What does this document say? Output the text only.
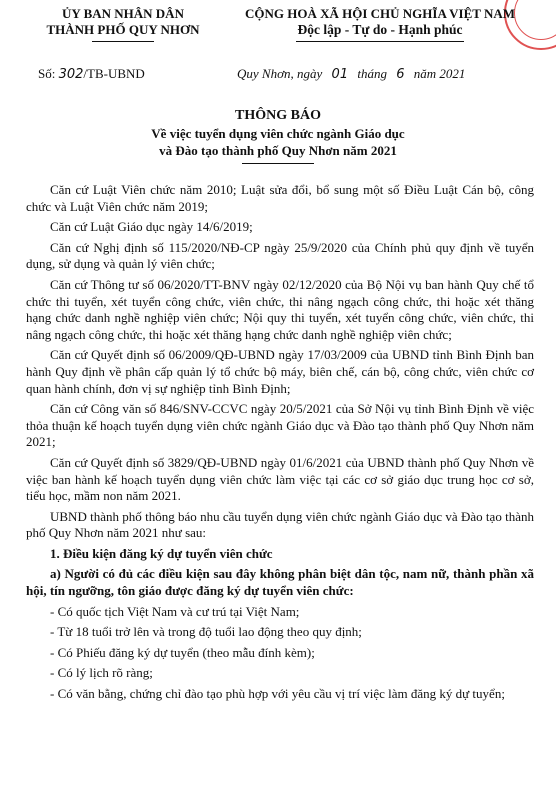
ỦY BAN NHÂN DÂN
THÀNH PHỐ QUY NHƠN
CỘNG HOÀ XÃ HỘI CHỦ NGHĨA VIỆT NAM
Độc lập - Tự do - Hạnh phúc
Số: 302/TB-UBND	Quy Nhơn, ngày 01 tháng 6 năm 2021
THÔNG BÁO
Về việc tuyển dụng viên chức ngành Giáo dục
và Đào tạo thành phố Quy Nhơn năm 2021

Căn cứ Luật Viên chức năm 2010; Luật sửa đổi, bổ sung một số Điều Luật Cán bộ, công chức và Luật Viên chức năm 2019;

Căn cứ Luật Giáo dục ngày 14/6/2019;

Căn cứ Nghị định số 115/2020/NĐ-CP ngày 25/9/2020 của Chính phủ quy định về tuyển dụng, sử dụng và quản lý viên chức;

Căn cứ Thông tư số 06/2020/TT-BNV ngày 02/12/2020 của Bộ Nội vụ ban hành Quy chế tổ chức thi tuyển, xét tuyển công chức, viên chức, thi nâng ngạch công chức, thi hoặc xét thăng hạng chức danh nghề nghiệp viên chức; Nội quy thi tuyển, xét tuyển công chức, viên chức, thi nâng ngạch công chức, thi hoặc xét thăng hạng chức danh nghề nghiệp viên chức;

Căn cứ Quyết định số 06/2009/QĐ-UBND ngày 17/03/2009 của UBND tỉnh Bình Định ban hành Quy định về phân cấp quản lý tổ chức bộ máy, biên chế, cán bộ, công chức, viên chức cơ quan hành chính, đơn vị sự nghiệp tỉnh Bình Định;

Căn cứ Công văn số 846/SNV-CCVC ngày 20/5/2021 của Sở Nội vụ tỉnh Bình Định về việc thỏa thuận kế hoạch tuyển dụng viên chức ngành Giáo dục và Đào tạo thành phố Quy Nhơn năm 2021;

Căn cứ Quyết định số 3829/QĐ-UBND ngày 01/6/2021 của UBND thành phố Quy Nhơn về việc ban hành kế hoạch tuyển dụng viên chức làm việc tại các cơ sở giáo dục trung học cơ sở, tiểu học, mầm non năm 2021.

UBND thành phố thông báo nhu cầu tuyển dụng viên chức ngành Giáo dục và Đào tạo thành phố Quy Nhơn năm 2021 như sau:

1. Điều kiện đăng ký dự tuyển viên chức

a) Người có đủ các điều kiện sau đây không phân biệt dân tộc, nam nữ, thành phần xã hội, tín ngưỡng, tôn giáo được đăng ký dự tuyển viên chức:

- Có quốc tịch Việt Nam và cư trú tại Việt Nam;

- Từ 18 tuổi trở lên và trong độ tuổi lao động theo quy định;

- Có Phiếu đăng ký dự tuyển (theo mẫu đính kèm);

- Có lý lịch rõ ràng;

- Có văn bằng, chứng chỉ đào tạo phù hợp với yêu cầu vị trí việc làm đăng ký dự tuyển;
